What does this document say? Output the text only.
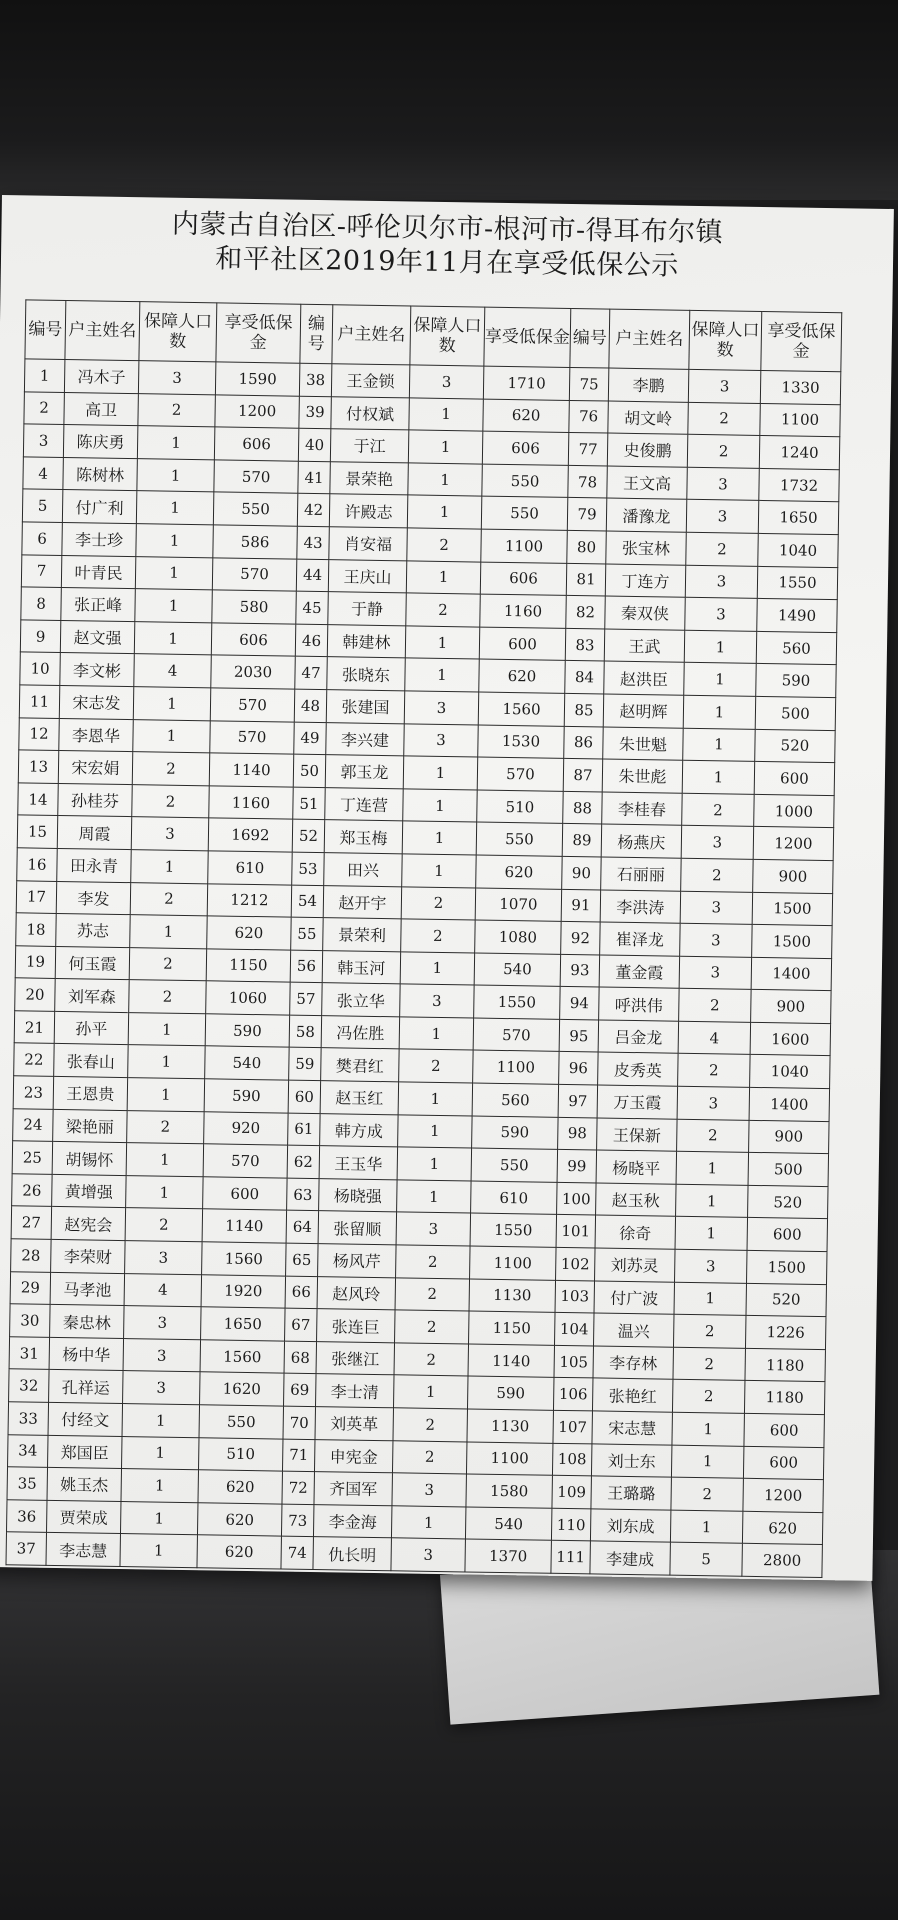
内蒙古自治区-呼伦贝尔市-根河市-得耳布尔镇
和平社区2019年11月在享受低保公示
编号	户主姓名	保障人口数	享受低保金	编号	户主姓名	保障人口数	享受低保金	编号	户主姓名	保障人口数	享受低保金
1	冯木子	3	1590	38	王金锁	3	1710	75	李鹏	3	1330
2	高卫	2	1200	39	付权斌	1	620	76	胡文岭	2	1100
3	陈庆勇	1	606	40	于江	1	606	77	史俊鹏	2	1240
4	陈树林	1	570	41	景荣艳	1	550	78	王文高	3	1732
5	付广利	1	550	42	许殿志	1	550	79	潘豫龙	3	1650
6	李士珍	1	586	43	肖安福	2	1100	80	张宝林	2	1040
7	叶青民	1	570	44	王庆山	1	606	81	丁连方	3	1550
8	张正峰	1	580	45	于静	2	1160	82	秦双侠	3	1490
9	赵文强	1	606	46	韩建林	1	600	83	王武	1	560
10	李文彬	4	2030	47	张晓东	1	620	84	赵洪臣	1	590
11	宋志发	1	570	48	张建国	3	1560	85	赵明辉	1	500
12	李恩华	1	570	49	李兴建	3	1530	86	朱世魁	1	520
13	宋宏娟	2	1140	50	郭玉龙	1	570	87	朱世彪	1	600
14	孙桂芬	2	1160	51	丁连营	1	510	88	李桂春	2	1000
15	周霞	3	1692	52	郑玉梅	1	550	89	杨燕庆	3	1200
16	田永青	1	610	53	田兴	1	620	90	石丽丽	2	900
17	李发	2	1212	54	赵开宇	2	1070	91	李洪涛	3	1500
18	苏志	1	620	55	景荣利	2	1080	92	崔泽龙	3	1500
19	何玉霞	2	1150	56	韩玉河	1	540	93	董金霞	3	1400
20	刘军森	2	1060	57	张立华	3	1550	94	呼洪伟	2	900
21	孙平	1	590	58	冯佐胜	1	570	95	吕金龙	4	1600
22	张春山	1	540	59	樊君红	2	1100	96	皮秀英	2	1040
23	王恩贵	1	590	60	赵玉红	1	560	97	万玉霞	3	1400
24	梁艳丽	2	920	61	韩方成	1	590	98	王保新	2	900
25	胡锡怀	1	570	62	王玉华	1	550	99	杨晓平	1	500
26	黄增强	1	600	63	杨晓强	1	610	100	赵玉秋	1	520
27	赵宪会	2	1140	64	张留顺	3	1550	101	徐奇	1	600
28	李荣财	3	1560	65	杨风芹	2	1100	102	刘苏灵	3	1500
29	马孝池	4	1920	66	赵风玲	2	1130	103	付广波	1	520
30	秦忠林	3	1650	67	张连巨	2	1150	104	温兴	2	1226
31	杨中华	3	1560	68	张继江	2	1140	105	李存林	2	1180
32	孔祥运	3	1620	69	李士清	1	590	106	张艳红	2	1180
33	付经文	1	550	70	刘英革	2	1130	107	宋志慧	1	600
34	郑国臣	1	510	71	申宪金	2	1100	108	刘士东	1	600
35	姚玉杰	1	620	72	齐国军	3	1580	109	王璐璐	2	1200
36	贾荣成	1	620	73	李金海	1	540	110	刘东成	1	620
37	李志慧	1	620	74	仇长明	3	1370	111	李建成	5	2800
